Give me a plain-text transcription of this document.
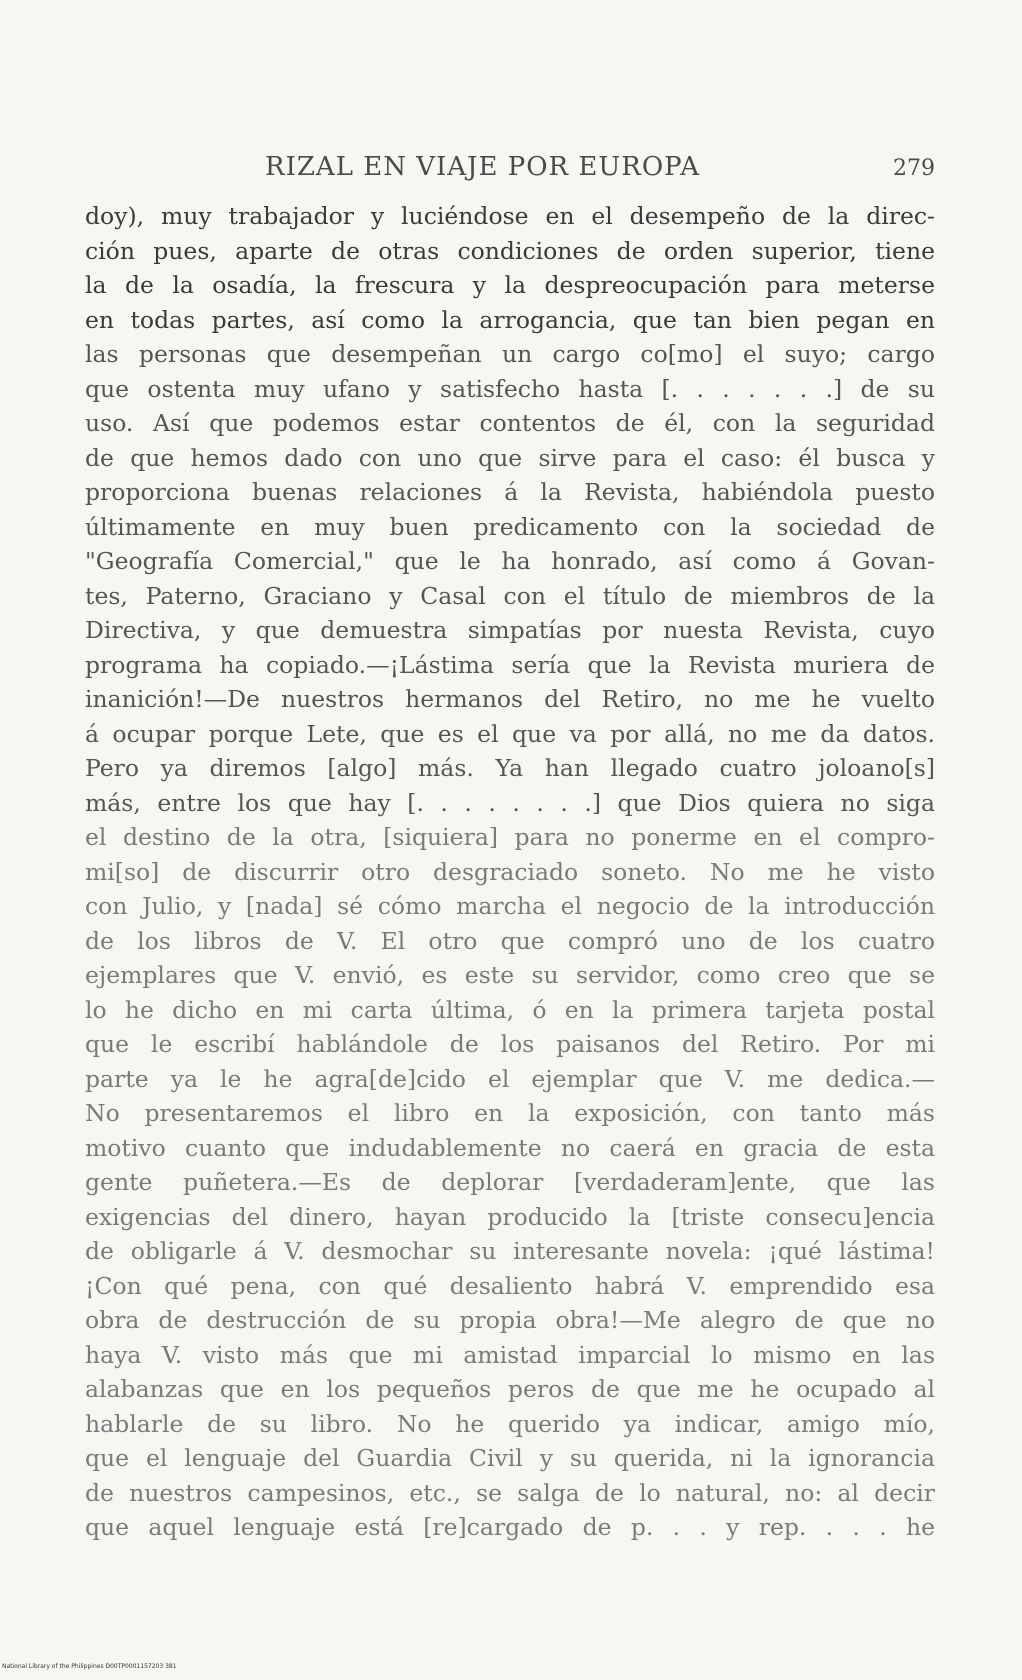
RIZAL EN VIAJE POR EUROPA	279
doy), muy trabajador y luciéndose en el desempeño de la direc-
ción pues, aparte de otras condiciones de orden superior, tiene
la de la osadía, la frescura y la despreocupación para meterse
en todas partes, así como la arrogancia, que tan bien pegan en
las personas que desempeñan un cargo co[mo] el suyo; cargo
que ostenta muy ufano y satisfecho hasta [. . . . . . .] de su
uso. Así que podemos estar contentos de él, con la seguridad
de que hemos dado con uno que sirve para el caso: él busca y
proporciona buenas relaciones á la Revista, habiéndola puesto
últimamente en muy buen predicamento con la sociedad de
"Geografía Comercial," que le ha honrado, así como á Govan-
tes, Paterno, Graciano y Casal con el título de miembros de la
Directiva, y que demuestra simpatías por nuesta Revista, cuyo
programa ha copiado.—¡Lástima sería que la Revista muriera de
inanición!—De nuestros hermanos del Retiro, no me he vuelto
á ocupar porque Lete, que es el que va por allá, no me da datos.
Pero ya diremos [algo] más. Ya han llegado cuatro joloano[s]
más, entre los que hay [. . . . . . . .] que Dios quiera no siga
el destino de la otra, [siquiera] para no ponerme en el compro-
mi[so] de discurrir otro desgraciado soneto. No me he visto
con Julio, y [nada] sé cómo marcha el negocio de la introducción
de los libros de V. El otro que compró uno de los cuatro
ejemplares que V. envió, es este su servidor, como creo que se
lo he dicho en mi carta última, ó en la primera tarjeta postal
que le escribí hablándole de los paisanos del Retiro. Por mi
parte ya le he agra[de]cido el ejemplar que V. me dedica.—
No presentaremos el libro en la exposición, con tanto más
motivo cuanto que indudablemente no caerá en gracia de esta
gente puñetera.—Es de deplorar [verdaderam]ente, que las
exigencias del dinero, hayan producido la [triste consecu]encia
de obligarle á V. desmochar su interesante novela: ¡qué lástima!
¡Con qué pena, con qué desaliento habrá V. emprendido esa
obra de destrucción de su propia obra!—Me alegro de que no
haya V. visto más que mi amistad imparcial lo mismo en las
alabanzas que en los pequeños peros de que me he ocupado al
hablarle de su libro. No he querido ya indicar, amigo mío,
que el lenguaje del Guardia Civil y su querida, ni la ignorancia
de nuestros campesinos, etc., se salga de lo natural, no: al decir
que aquel lenguaje está [re]cargado de p. . . y rep. . . . he
National Library of the Philippines D00TP0001157203 381
